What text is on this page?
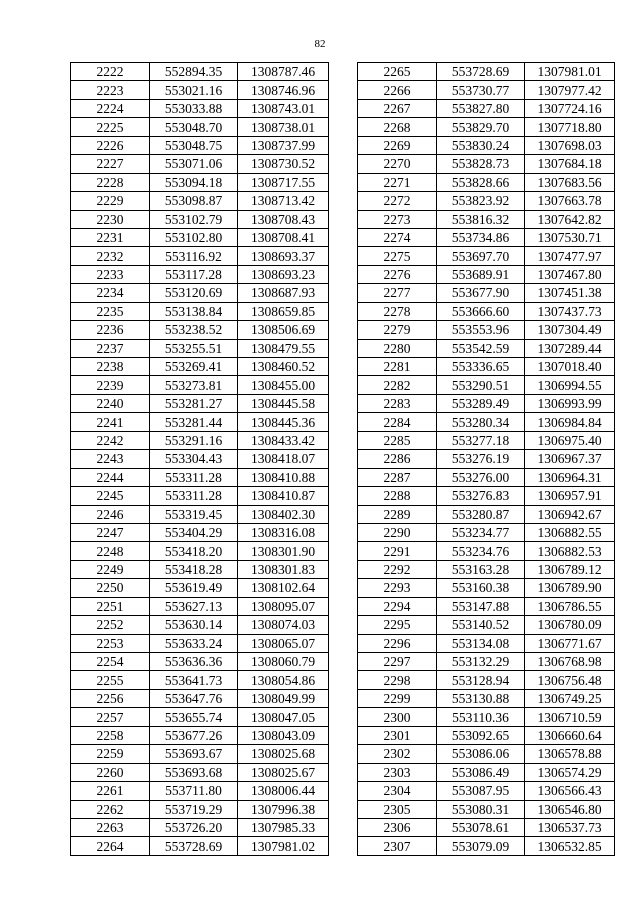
82
2222	552894.35	1308787.46
2223	553021.16	1308746.96
2224	553033.88	1308743.01
2225	553048.70	1308738.01
2226	553048.75	1308737.99
2227	553071.06	1308730.52
2228	553094.18	1308717.55
2229	553098.87	1308713.42
2230	553102.79	1308708.43
2231	553102.80	1308708.41
2232	553116.92	1308693.37
2233	553117.28	1308693.23
2234	553120.69	1308687.93
2235	553138.84	1308659.85
2236	553238.52	1308506.69
2237	553255.51	1308479.55
2238	553269.41	1308460.52
2239	553273.81	1308455.00
2240	553281.27	1308445.58
2241	553281.44	1308445.36
2242	553291.16	1308433.42
2243	553304.43	1308418.07
2244	553311.28	1308410.88
2245	553311.28	1308410.87
2246	553319.45	1308402.30
2247	553404.29	1308316.08
2248	553418.20	1308301.90
2249	553418.28	1308301.83
2250	553619.49	1308102.64
2251	553627.13	1308095.07
2252	553630.14	1308074.03
2253	553633.24	1308065.07
2254	553636.36	1308060.79
2255	553641.73	1308054.86
2256	553647.76	1308049.99
2257	553655.74	1308047.05
2258	553677.26	1308043.09
2259	553693.67	1308025.68
2260	553693.68	1308025.67
2261	553711.80	1308006.44
2262	553719.29	1307996.38
2263	553726.20	1307985.33
2264	553728.69	1307981.02
2265	553728.69	1307981.01
2266	553730.77	1307977.42
2267	553827.80	1307724.16
2268	553829.70	1307718.80
2269	553830.24	1307698.03
2270	553828.73	1307684.18
2271	553828.66	1307683.56
2272	553823.92	1307663.78
2273	553816.32	1307642.82
2274	553734.86	1307530.71
2275	553697.70	1307477.97
2276	553689.91	1307467.80
2277	553677.90	1307451.38
2278	553666.60	1307437.73
2279	553553.96	1307304.49
2280	553542.59	1307289.44
2281	553336.65	1307018.40
2282	553290.51	1306994.55
2283	553289.49	1306993.99
2284	553280.34	1306984.84
2285	553277.18	1306975.40
2286	553276.19	1306967.37
2287	553276.00	1306964.31
2288	553276.83	1306957.91
2289	553280.87	1306942.67
2290	553234.77	1306882.55
2291	553234.76	1306882.53
2292	553163.28	1306789.12
2293	553160.38	1306789.90
2294	553147.88	1306786.55
2295	553140.52	1306780.09
2296	553134.08	1306771.67
2297	553132.29	1306768.98
2298	553128.94	1306756.48
2299	553130.88	1306749.25
2300	553110.36	1306710.59
2301	553092.65	1306660.64
2302	553086.06	1306578.88
2303	553086.49	1306574.29
2304	553087.95	1306566.43
2305	553080.31	1306546.80
2306	553078.61	1306537.73
2307	553079.09	1306532.85
